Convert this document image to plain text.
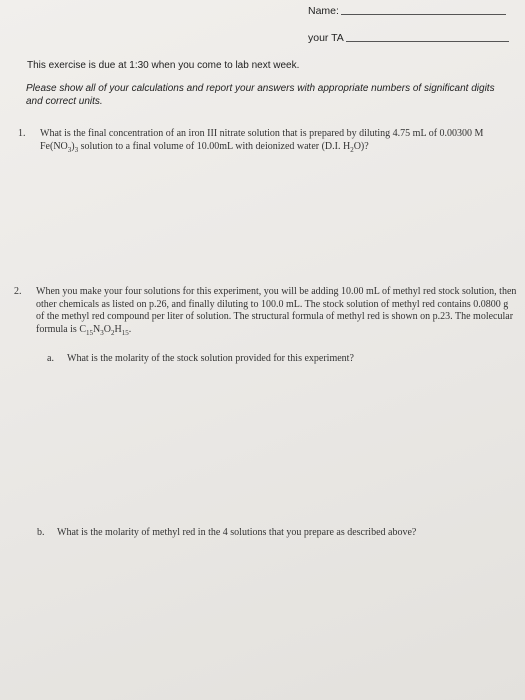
Name:
your TA
This exercise is due at 1:30 when you come to lab next week.
Please show all of your calculations and report your answers with appropriate numbers of significant digits and correct units.
1. What is the final concentration of an iron III nitrate solution that is prepared by diluting 4.75 mL of 0.00300 M $Fe(NO_3)_3$ solution to a final volume of 10.00mL with deionized water (D.I. $H_2O$)?
2. When you make your four solutions for this experiment, you will be adding 10.00 mL of methyl red stock solution, then other chemicals as listed on p.26, and finally diluting to 100.0 mL. The stock solution of methyl red contains 0.0800 g of the methyl red compound per liter of solution. The structural formula of methyl red is shown on p.23. The molecular formula is $C_{15}N_3O_2H_{15}$.
a. What is the molarity of the stock solution provided for this experiment?
b. What is the molarity of methyl red in the 4 solutions that you prepare as described above?
